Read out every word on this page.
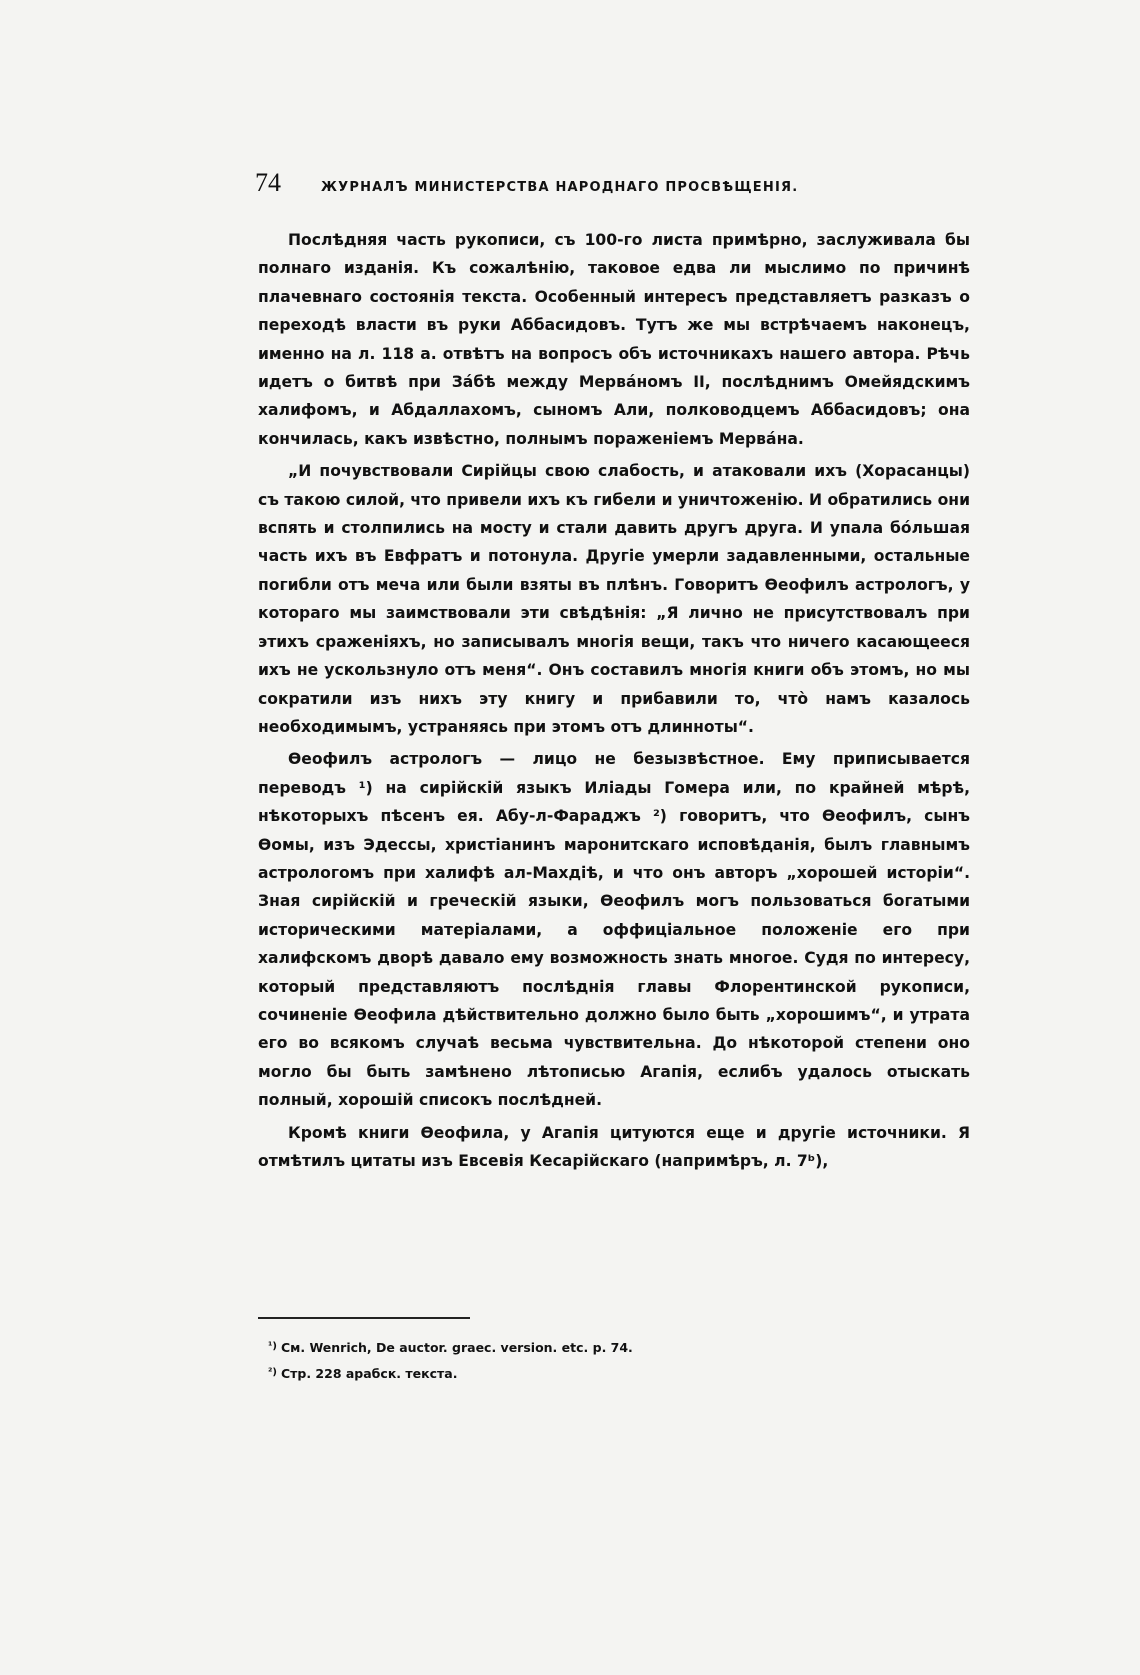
74	ЖУРНАЛЪ МИНИСТЕРСТВА НАРОДНАГО ПРОСВѢЩЕНІЯ.

Послѣдняя часть рукописи, съ 100-го листа примѣрно, заслуживала бы полнаго изданія. Къ сожалѣнію, таковое едва ли мыслимо по причинѣ плачевнаго состоянія текста. Особенный интересъ представляетъ разказъ о переходѣ власти въ руки Аббасидовъ. Тутъ же мы встрѣчаемъ наконецъ, именно на л. 118 а. отвѣтъ на вопросъ объ источникахъ нашего автора. Рѣчь идетъ о битвѣ при Зáбѣ между Мервáномъ II, послѣднимъ Омейядскимъ халифомъ, и Абдаллахомъ, сыномъ Али, полководцемъ Аббасидовъ; она кончилась, какъ извѣстно, полнымъ пораженіемъ Мервáна.

„И почувствовали Сирійцы свою слабость, и атаковали ихъ (Хорасанцы) съ такою силой, что привели ихъ къ гибели и уничтоженію. И обратились они вспять и столпились на мосту и стали давить другъ друга. И упала бóльшая часть ихъ въ Евфратъ и потонула. Другіе умерли задавленными, остальные погибли отъ меча или были взяты въ плѣнъ. Говоритъ Ѳеофилъ астрологъ, у котораго мы заимствовали эти свѣдѣнія: „Я лично не присутствовалъ при этихъ сраженіяхъ, но записывалъ многія вещи, такъ что ничего касающееся ихъ не ускользнуло отъ меня“. Онъ составилъ многія книги объ этомъ, но мы сократили изъ нихъ эту книгу и прибавили то, чтò намъ казалось необходимымъ, устраняясь при этомъ отъ длинноты“.

Ѳеофилъ астрологъ — лицо не безызвѣстное. Ему приписывается переводъ ¹) на сирійскій языкъ Иліады Гомера или, по крайней мѣрѣ, нѣкоторыхъ пѣсенъ ея. Абу-л-Фараджъ ²) говоритъ, что Ѳеофилъ, сынъ Ѳомы, изъ Эдессы, христіанинъ маронитскаго исповѣданія, былъ главнымъ астрологомъ при халифѣ ал-Махдіѣ, и что онъ авторъ „хорошей исторіи“. Зная сирійскій и греческій языки, Ѳеофилъ могъ пользоваться богатыми историческими матеріалами, а оффиціальное положеніе его при халифскомъ дворѣ давало ему возможность знать многое. Судя по интересу, который представляютъ послѣднія главы Флорентинской рукописи, сочиненіе Ѳеофила дѣйствительно должно было быть „хорошимъ“, и утрата его во всякомъ случаѣ весьма чувствительна. До нѣкоторой степени оно могло бы быть замѣнено лѣтописью Агапія, еслибъ удалось отыскать полный, хорошій списокъ послѣдней.

Кромѣ книги Ѳеофила, у Агапія цитуются еще и другіе источники. Я отмѣтилъ цитаты изъ Евсевія Кесарійскаго (напримѣръ, л. 7ᵇ),

$^{^1)}$ См. Wenrich, De auctor. graec. version. etc. p. 74.
$^{^2)}$ Стр. 228 арабск. текста.
